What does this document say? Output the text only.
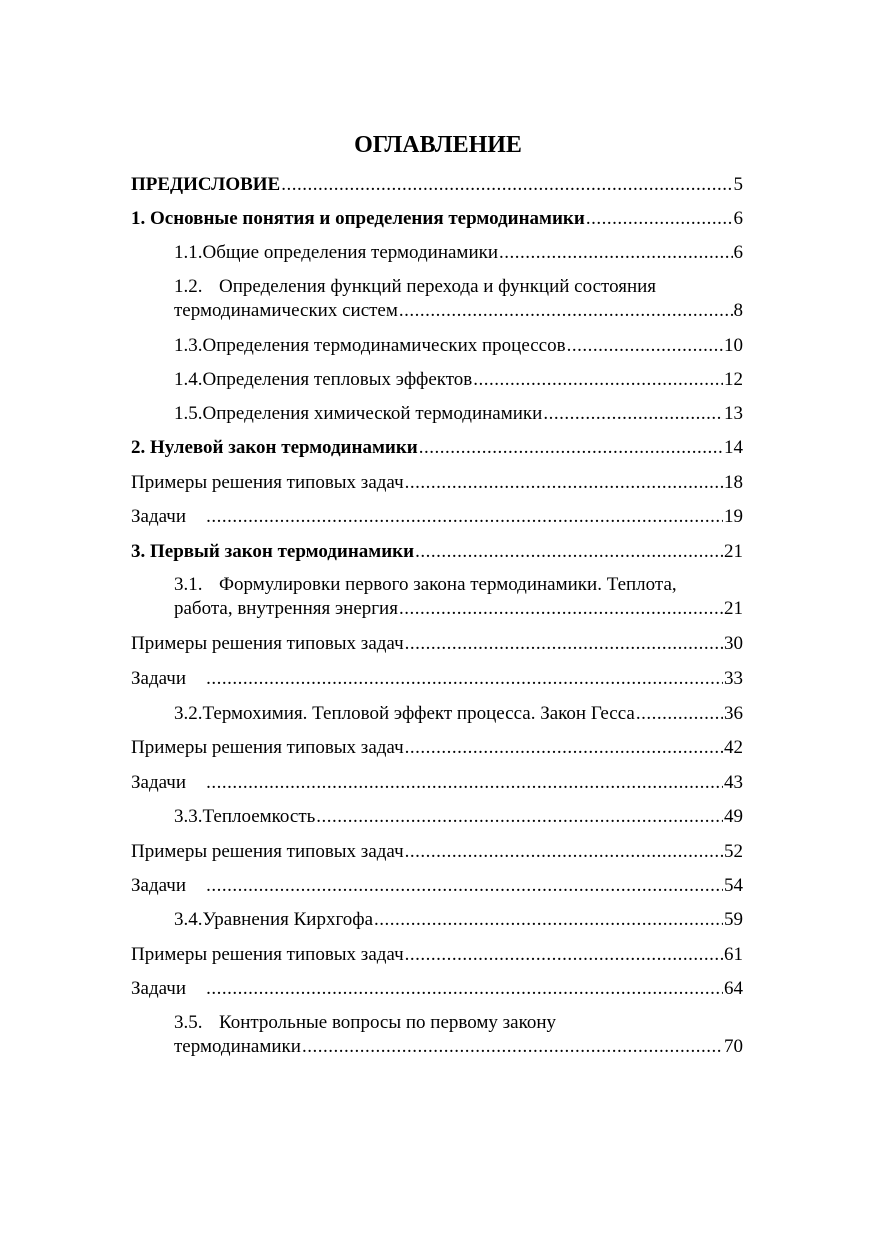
ОГЛАВЛЕНИЕ
ПРЕДИСЛОВИЕ .....	5
1. Основные понятия и определения термодинамики .....	6
1.1. Общие определения термодинамики .....	6
1.2. Определения функций перехода и функций состояния
термодинамических систем .....	8
1.3. Определения термодинамических процессов .....	10
1.4. Определения тепловых эффектов .....	12
1.5. Определения химической термодинамики .....	13
2. Нулевой закон термодинамики .....	14
Примеры решения типовых задач .....	18
Задачи .....	19
3. Первый закон термодинамики .....	21
3.1. Формулировки первого закона термодинамики. Теплота,
работа, внутренняя энергия .....	21
Примеры решения типовых задач .....	30
Задачи .....	33
3.2. Термохимия. Тепловой эффект процесса. Закон Гесса .....	36
Примеры решения типовых задач .....	42
Задачи .....	43
3.3. Теплоемкость .....	49
Примеры решения типовых задач .....	52
Задачи .....	54
3.4. Уравнения Кирхгофа .....	59
Примеры решения типовых задач .....	61
Задачи .....	64
3.5. Контрольные вопросы по первому закону
термодинамики .....	70
